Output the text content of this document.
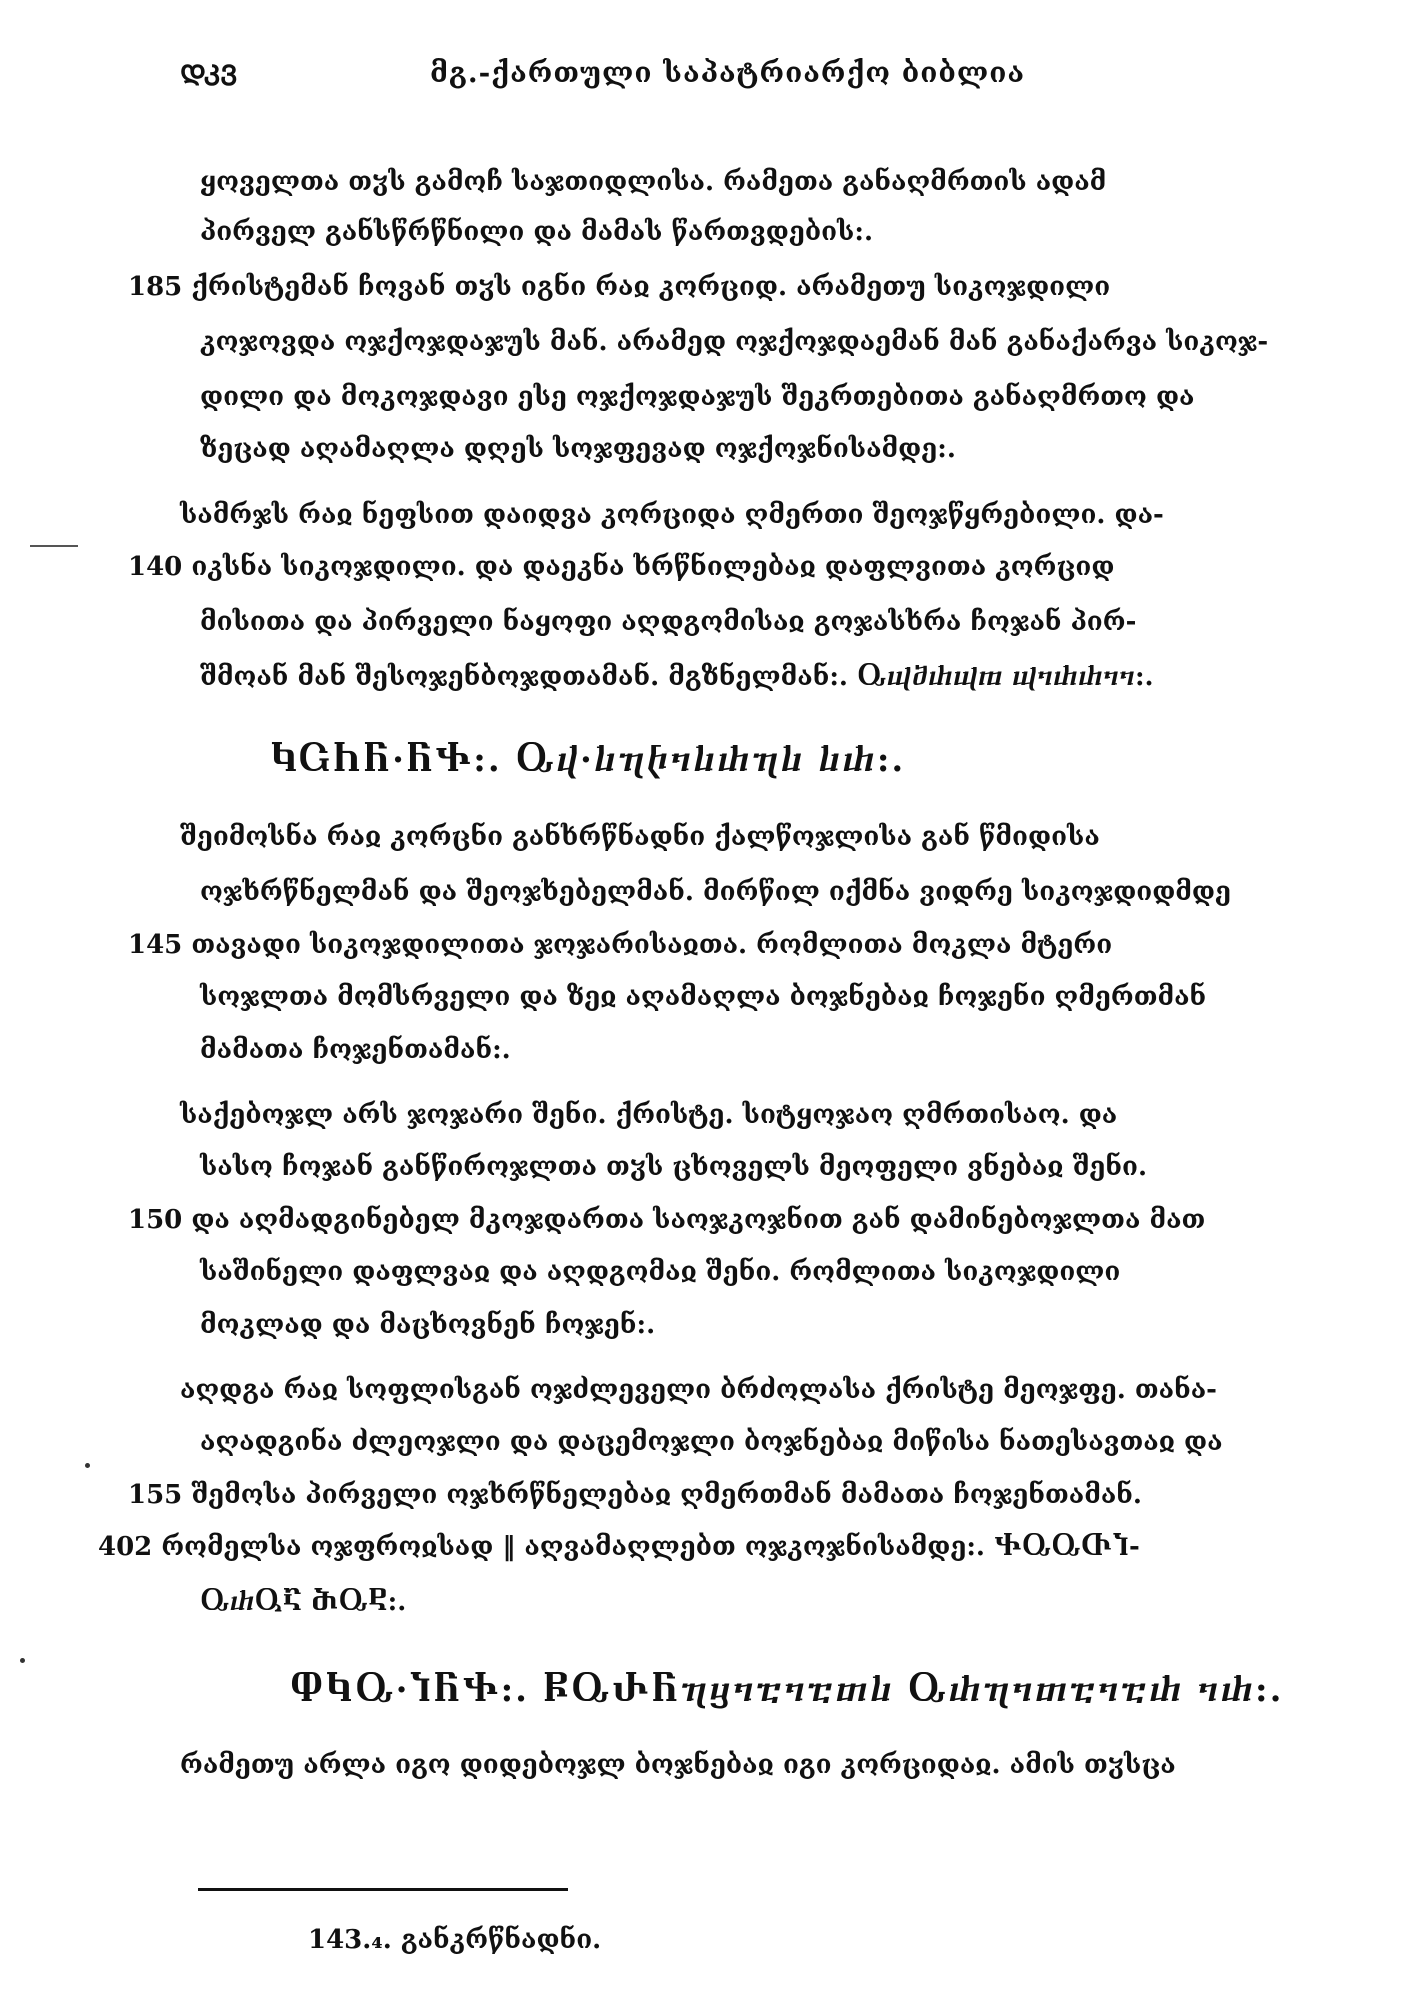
ᲓᲙᲕ	მგ.-ქართული საპატრიარქო ბიბლია
ყოველთა თჳს გამოჩ საჯთიდლისა. რამეთა განაღმრთის ადამ
პირველ განსწრწნილი და მამას წართვდების:.
185 ქრისტემან ჩოვან თჳს იგნი რაჲ კორციდ. არამეთუ სიკოჯდილი
კოჯოვდა ოჯქოჯდაჯუს მან. არამედ ოჯქოჯდაემან მან განაქარვა სიკოჯ-
დილი და მოკოჯდავი ესე ოჯქოჯდაჯუს შეკრთებითა განაღმრთო და
ზეცად აღამაღლა დღეს სოჯფევად ოჯქოჯნისამდე:.
სამრჯს რაჲ ნეფსით დაიდვა კორციდა ღმერთი შეოჯწყრებილი. და-
140 იკსნა სიკოჯდილი. და დაეკნა ხრწნილებაჲ დაფლვითა კორციდ
მისითა და პირველი ნაყოფი აღდგომისაჲ გოჯასხრა ჩოჯან პირ-
შმოან მან შესოჯენბოჯდთამან. მგზნელმან:. Ⴍⴓⴋⴐⴓⴊ ⴓⴈⴐⴐⴈⴈ:.
ႩႺႹႬ·ႬႵ:. Ⴍⴣ·ⴑⴄⴡⴈⴑⴐⴄⴑ ⴑⴐ:.
შეიმოსნა რაჲ კორცნი განხრწნადნი ქალწოჯლისა გან წმიდისა
ოჯხრწნელმან და შეოჯხებელმან. მირწილ იქმნა ვიდრე სიკოჯდიდმდე
145 თავადი სიკოჯდილითა ჯოჯარისაჲთა. რომლითა მოკლა მტერი
სოჯლთა მომსრველი და ზეჲ აღამაღლა ბოჯნებაჲ ჩოჯენი ღმერთმან
მამათა ჩოჯენთამან:.
საქებოჯლ არს ჯოჯარი შენი. ქრისტე. სიტყოჯაო ღმრთისაო. და
სასო ჩოჯან განწიროჯლთა თჳს ცხოველს მეოფელი ვნებაჲ შენი.
150 და აღმადგინებელ მკოჯდართა საოჯკოჯნით გან დამინებოჯლთა მათ
საშინელი დაფლვაჲ და აღდგომაჲ შენი. რომლითა სიკოჯდილი
მოკლად და მაცხოვნენ ჩოჯენ:.
აღდგა რაჲ სოფლისგან ოჯძლეველი ბრძოლასა ქრისტე მეოჯფე. თანა-
აღადგინა ძლეოჯლი და დაცემოჯლი ბოჯნებაჲ მიწისა ნათესავთაჲ და
155 შემოსა პირველი ოჯხრწნელებაჲ ღმერთმან მამათა ჩოჯენთამან.
402 რომელსა ოჯფროჲსად ‖ აღვამაღლებთ ოჯკოჯნისამდე:. ႵႭႭႧႨ-
ႭⴐႳႠ ႫႭႲ:.
ႴႩႭ·ႨႬႵ:. ႼႭႰႬⴄⴁⴈⴀⴈⴀⴇⴑ Ⴍⴐⴄⴈⴇⴀⴈⴀⴐ ⴈⴐ:.
რამეთუ არლა იგო დიდებოჯლ ბოჯნებაჲ იგი კორციდაჲ. ამის თჳსცა
143.₄. განკრწნადნი.
